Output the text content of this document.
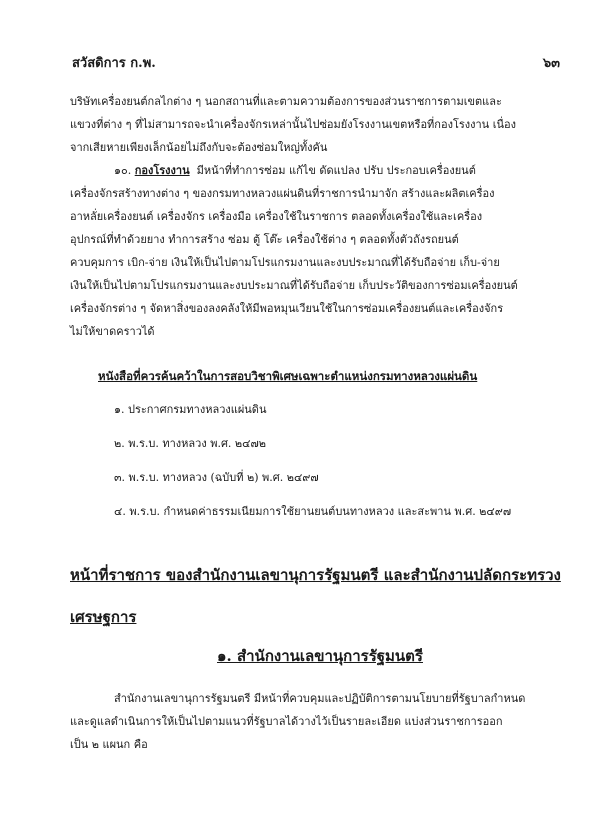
สวัสดิการ ก.พ.	๖๓

บริษัทเครื่องยนต์กลไกต่าง ๆ นอกสถานที่และตามความต้องการของส่วนราชการตามเขตและ

แขวงที่ต่าง ๆ ที่ไม่สามารถจะนำเครื่องจักรเหล่านั้นไปซ่อมยังโรงงานเขตหรือที่กองโรงงาน เนื่อง

จากเสียหายเพียงเล็กน้อยไม่ถึงกับจะต้องซ่อมใหญ่ทั้งคัน

๑๐. กองโรงงาน มีหน้าที่ทำการซ่อม แก้ไข ดัดแปลง ปรับ ประกอบเครื่องยนต์

เครื่องจักรสร้างทางต่าง ๆ ของกรมทางหลวงแผ่นดินที่ราชการนำมาจัก สร้างและผลิตเครื่อง

อาหลั่ยเครื่องยนต์ เครื่องจักร เครื่องมือ เครื่องใช้ในราชการ ตลอดทั้งเครื่องใช้และเครื่อง

อุปกรณ์ที่ทำด้วยยาง ทำการสร้าง ซ่อม ตู้ โต๊ะ เครื่องใช้ต่าง ๆ ตลอดทั้งตัวถังรถยนต์

ควบคุมการ เบิก-จ่าย เงินให้เป็นไปตามโปรแกรมงานและงบประมาณที่ได้รับถือจ่าย เก็บ-จ่าย

เงินให้เป็นไปตามโปรแกรมงานและงบประมาณที่ได้รับถือจ่าย เก็บประวัติของการซ่อมเครื่องยนต์

เครื่องจักรต่าง ๆ จัดหาสิ่งของลงคลังให้มีพอหมุนเวียนใช้ในการซ่อมเครื่องยนต์และเครื่องจักร

ไม่ให้ขาดคราวได้

หนังสือที่ควรค้นคว้าในการสอบวิชาพิเศษเฉพาะตำแหน่งกรมทางหลวงแผ่นดิน
๑. ประกาศกรมทางหลวงแผ่นดิน
๒. พ.ร.บ. ทางหลวง พ.ศ. ๒๔๗๒
๓. พ.ร.บ. ทางหลวง (ฉบับที่ ๒) พ.ศ. ๒๔๙๗
๔. พ.ร.บ. กำหนดค่าธรรมเนียมการใช้ยานยนต์บนทางหลวง และสะพาน พ.ศ. ๒๔๙๗
หน้าที่ราชการ ของสำนักงานเลขานุการรัฐมนตรี และสำนักงานปลัดกระทรวง
เศรษฐการ
๑. สำนักงานเลขานุการรัฐมนตรี

สำนักงานเลขานุการรัฐมนตรี มีหน้าที่ควบคุมและปฏิบัติการตามนโยบายที่รัฐบาลกำหนด

และดูแลดำเนินการให้เป็นไปตามแนวที่รัฐบาลได้วางไว้เป็นรายละเอียด แบ่งส่วนราชการออก

เป็น ๒ แผนก คือ
